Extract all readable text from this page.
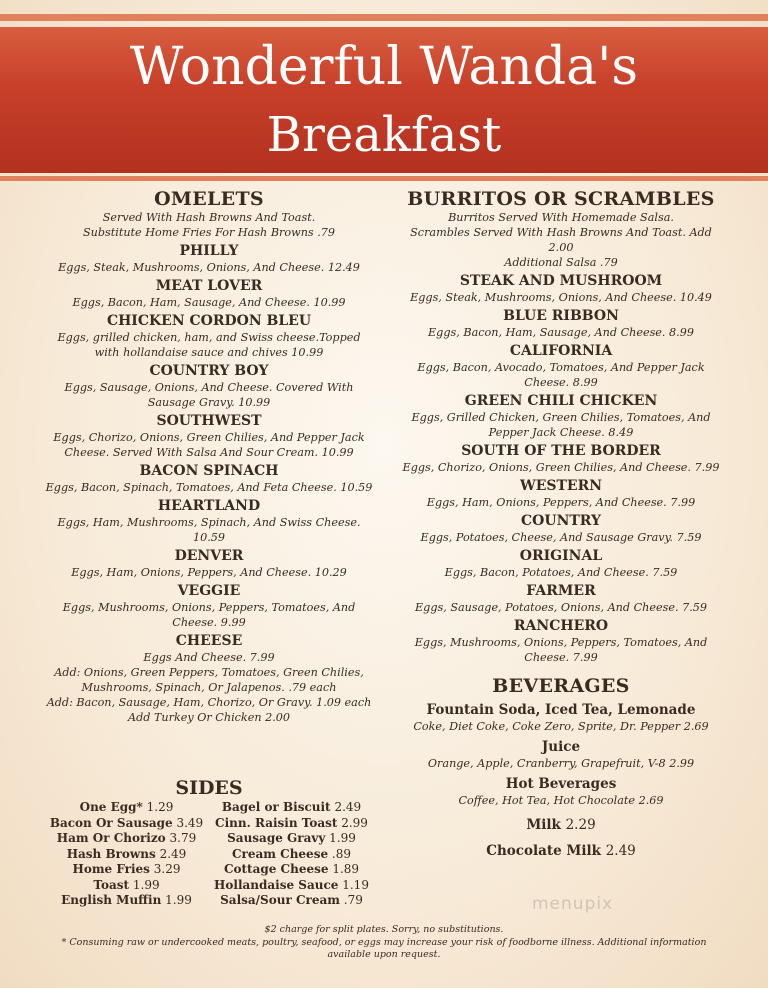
Wonderful Wanda's
Breakfast
OMELETS
Served With Hash Browns And Toast.
Substitute Home Fries For Hash Browns .79
PHILLY
Eggs, Steak, Mushrooms, Onions, And Cheese. 12.49
MEAT LOVER
Eggs, Bacon, Ham, Sausage, And Cheese. 10.99
CHICKEN CORDON BLEU
Eggs, grilled chicken, ham, and Swiss cheese.Topped with hollandaise sauce and chives 10.99
COUNTRY BOY
Eggs, Sausage, Onions, And Cheese. Covered With Sausage Gravy. 10.99
SOUTHWEST
Eggs, Chorizo, Onions, Green Chilies, And Pepper Jack Cheese. Served With Salsa And Sour Cream. 10.99
BACON SPINACH
Eggs, Bacon, Spinach, Tomatoes, And Feta Cheese. 10.59
HEARTLAND
Eggs, Ham, Mushrooms, Spinach, And Swiss Cheese. 10.59
DENVER
Eggs, Ham, Onions, Peppers, And Cheese. 10.29
VEGGIE
Eggs, Mushrooms, Onions, Peppers, Tomatoes, And Cheese. 9.99
CHEESE
Eggs And Cheese. 7.99
Add: Onions, Green Peppers, Tomatoes, Green Chilies, Mushrooms, Spinach, Or Jalapenos. .79 each
Add: Bacon, Sausage, Ham, Chorizo, Or Gravy. 1.09 each
Add Turkey Or Chicken 2.00
SIDES
One Egg* 1.29
Bacon Or Sausage 3.49
Ham Or Chorizo 3.79
Hash Browns 2.49
Home Fries 3.29
Toast 1.99
English Muffin 1.99
Bagel or Biscuit 2.49
Cinn. Raisin Toast 2.99
Sausage Gravy 1.99
Cream Cheese .89
Cottage Cheese 1.89
Hollandaise Sauce 1.19
Salsa/Sour Cream .79
BURRITOS OR SCRAMBLES
Burritos Served With Homemade Salsa.
Scrambles Served With Hash Browns And Toast. Add 2.00
Additional Salsa .79
STEAK AND MUSHROOM
Eggs, Steak, Mushrooms, Onions, And Cheese. 10.49
BLUE RIBBON
Eggs, Bacon, Ham, Sausage, And Cheese. 8.99
CALIFORNIA
Eggs, Bacon, Avocado, Tomatoes, And Pepper Jack Cheese. 8.99
GREEN CHILI CHICKEN
Eggs, Grilled Chicken, Green Chilies, Tomatoes, And Pepper Jack Cheese. 8.49
SOUTH OF THE BORDER
Eggs, Chorizo, Onions, Green Chilies, And Cheese. 7.99
WESTERN
Eggs, Ham, Onions, Peppers, And Cheese. 7.99
COUNTRY
Eggs, Potatoes, Cheese, And Sausage Gravy. 7.59
ORIGINAL
Eggs, Bacon, Potatoes, And Cheese. 7.59
FARMER
Eggs, Sausage, Potatoes, Onions, And Cheese. 7.59
RANCHERO
Eggs, Mushrooms, Onions, Peppers, Tomatoes, And Cheese. 7.99
BEVERAGES
Fountain Soda, Iced Tea, Lemonade
Coke, Diet Coke, Coke Zero, Sprite, Dr. Pepper 2.69
Juice
Orange, Apple, Cranberry, Grapefruit, V-8 2.99
Hot Beverages
Coffee, Hot Tea, Hot Chocolate 2.69
Milk 2.29
Chocolate Milk 2.49
menupix
$2 charge for split plates. Sorry, no substitutions.
* Consuming raw or undercooked meats, poultry, seafood, or eggs may increase your risk of foodborne illness. Additional information available upon request.
